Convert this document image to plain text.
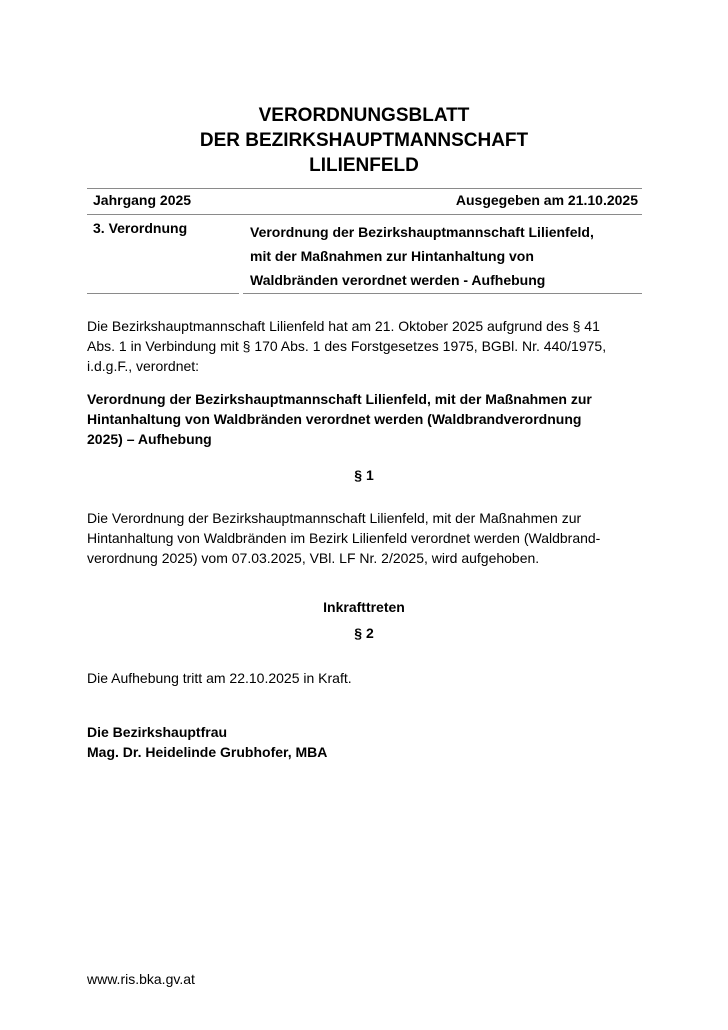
VERORDNUNGSBLATT
DER BEZIRKSHAUPTMANNSCHAFT
LILIENFELD
Jahrgang 2025	Ausgegeben am 21.10.2025
3. Verordnung	Verordnung der Bezirkshauptmannschaft Lilienfeld,
mit der Maßnahmen zur Hintanhaltung von
Waldbränden verordnet werden - Aufhebung
Die Bezirkshauptmannschaft Lilienfeld hat am 21. Oktober 2025 aufgrund des § 41
Abs. 1 in Verbindung mit § 170 Abs. 1 des Forstgesetzes 1975, BGBl. Nr. 440/1975,
i.d.g.F., verordnet:
Verordnung der Bezirkshauptmannschaft Lilienfeld, mit der Maßnahmen zur
Hintanhaltung von Waldbränden verordnet werden (Waldbrandverordnung
2025) – Aufhebung
§ 1
Die Verordnung der Bezirkshauptmannschaft Lilienfeld, mit der Maßnahmen zur
Hintanhaltung von Waldbränden im Bezirk Lilienfeld verordnet werden (Waldbrand-
verordnung 2025) vom 07.03.2025, VBl. LF Nr. 2/2025, wird aufgehoben.
Inkrafttreten
§ 2
Die Aufhebung tritt am 22.10.2025 in Kraft.
Die Bezirkshauptfrau
Mag. Dr. Heidelinde Grubhofer, MBA
www.ris.bka.gv.at
